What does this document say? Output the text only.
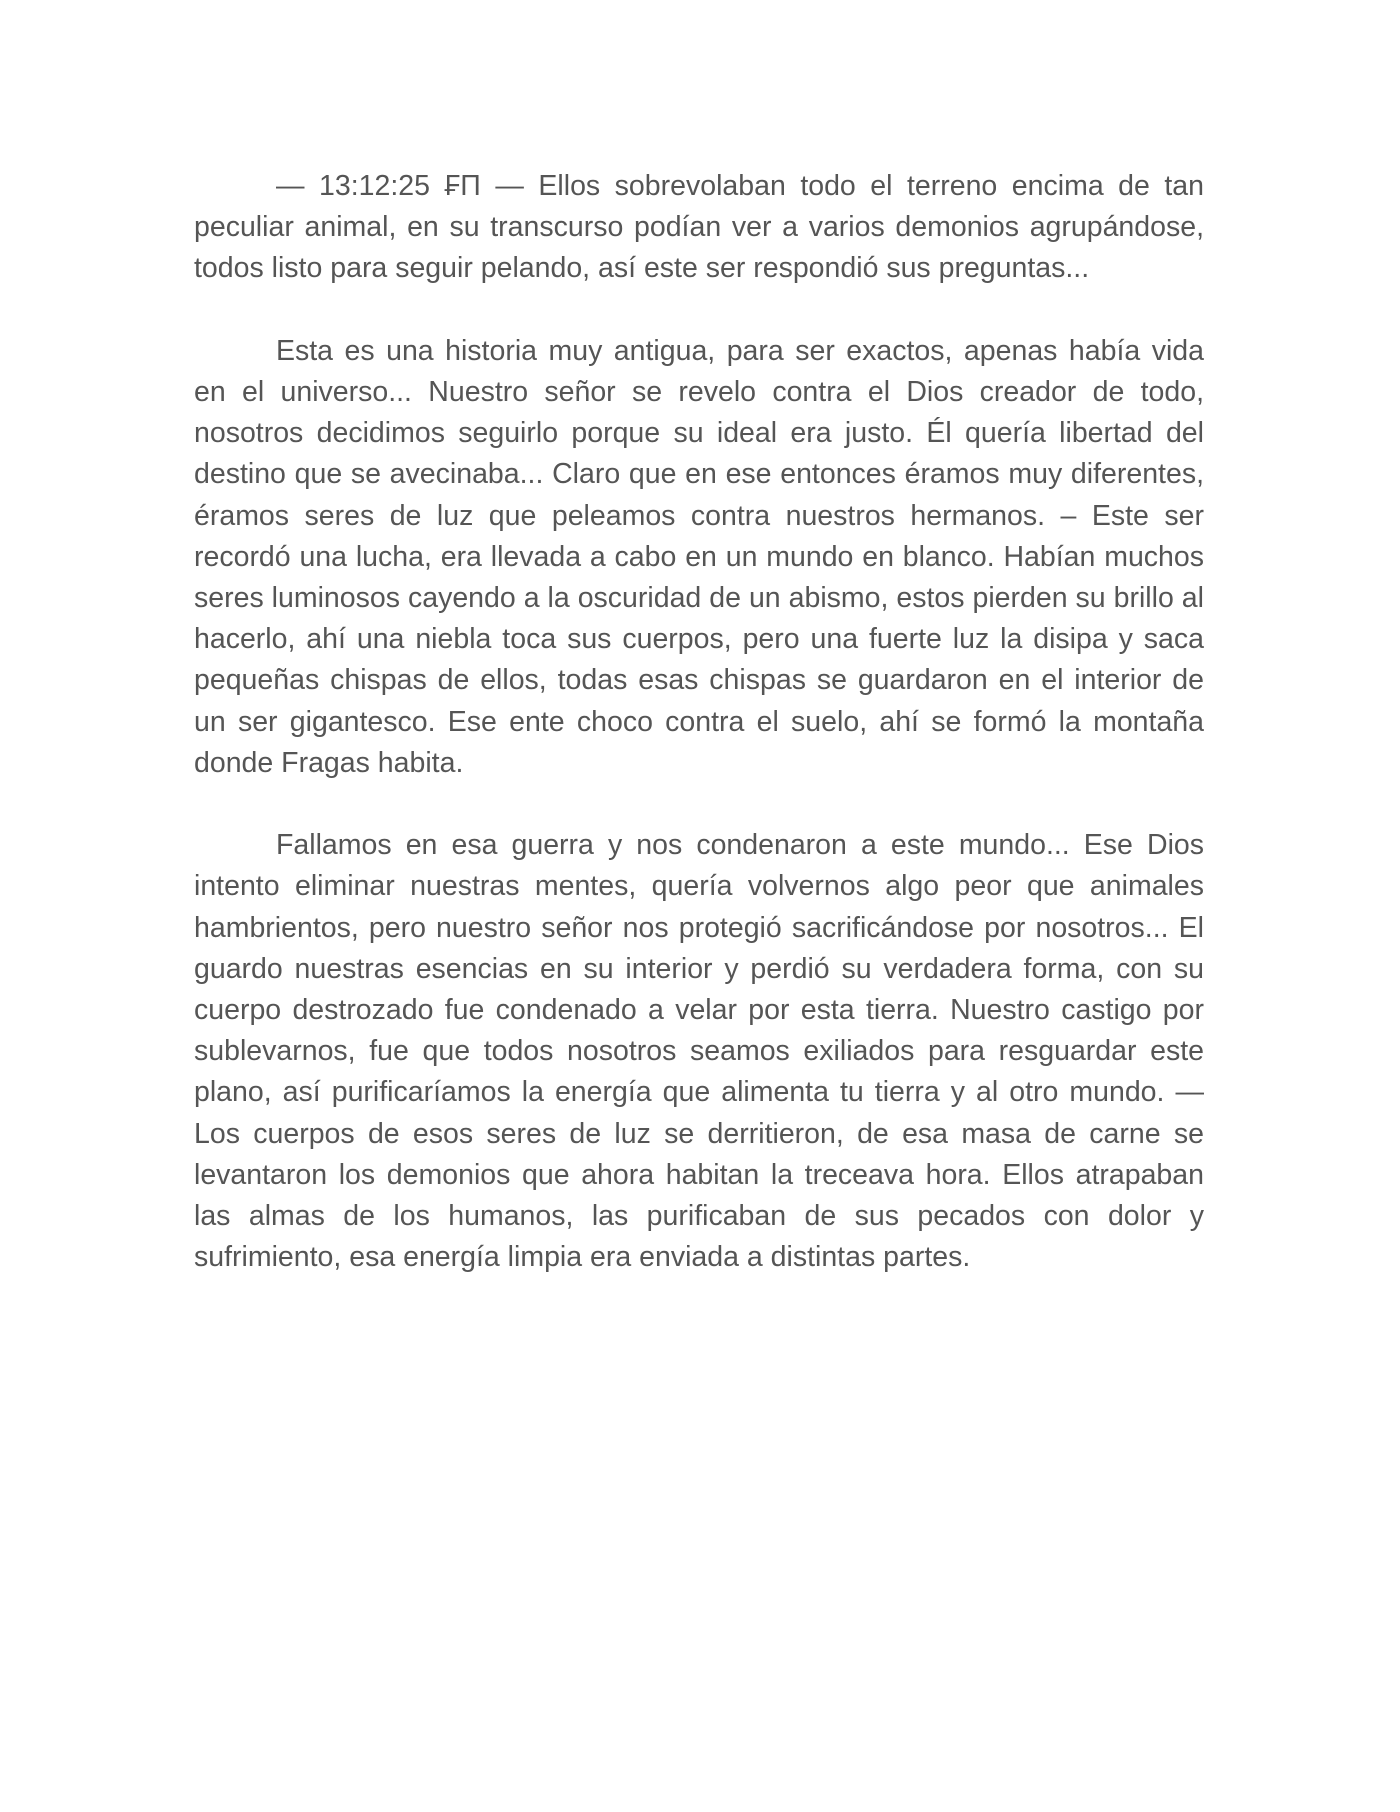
— 13:12:25 ₣Π — Ellos sobrevolaban todo el terreno encima de tan peculiar animal, en su transcurso podían ver a varios demonios agrupándose, todos listo para seguir pelando, así este ser respondió sus preguntas...

Esta es una historia muy antigua, para ser exactos, apenas había vida en el universo... Nuestro señor se revelo contra el Dios creador de todo, nosotros decidimos seguirlo porque su ideal era justo. Él quería libertad del destino que se avecinaba... Claro que en ese entonces éramos muy diferentes, éramos seres de luz que peleamos contra nuestros hermanos. – Este ser recordó una lucha, era llevada a cabo en un mundo en blanco. Habían muchos seres luminosos cayendo a la oscuridad de un abismo, estos pierden su brillo al hacerlo, ahí una niebla toca sus cuerpos, pero una fuerte luz la disipa y saca pequeñas chispas de ellos, todas esas chispas se guardaron en el interior de un ser gigantesco. Ese ente choco contra el suelo, ahí se formó la montaña donde Fragas habita.

Fallamos en esa guerra y nos condenaron a este mundo... Ese Dios intento eliminar nuestras mentes, quería volvernos algo peor que animales hambrientos, pero nuestro señor nos protegió sacrificándose por nosotros... El guardo nuestras esencias en su interior y perdió su verdadera forma, con su cuerpo destrozado fue condenado a velar por esta tierra. Nuestro castigo por sublevarnos, fue que todos nosotros seamos exiliados para resguardar este plano, así purificaríamos la energía que alimenta tu tierra y al otro mundo. — Los cuerpos de esos seres de luz se derritieron, de esa masa de carne se levantaron los demonios que ahora habitan la treceava hora. Ellos atrapaban las almas de los humanos, las purificaban de sus pecados con dolor y sufrimiento, esa energía limpia era enviada a distintas partes.
